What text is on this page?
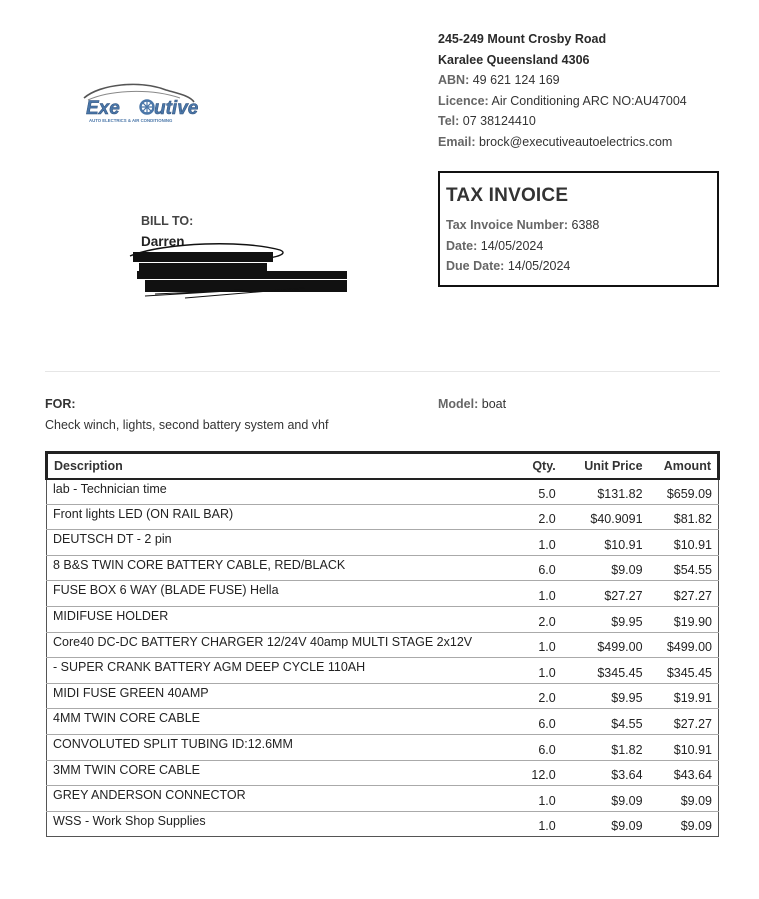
Exe utive
AUTO ELECTRICS & AIR CONDITIONING
245-249 Mount Crosby Road
Karalee Queensland 4306
ABN: 49 621 124 169
Licence: Air Conditioning ARC NO:AU47004
Tel: 07 38124410
Email: brock@executiveautoelectrics.com
TAX INVOICE
Tax Invoice Number: 6388
Date: 14/05/2024
Due Date: 14/05/2024
BILL TO:
Darren
FOR:
Check winch, lights, second battery system and vhf
Model: boat
Description	Qty.	Unit Price	Amount
lab - Technician time	5.0	$131.82	$659.09
Front lights LED (ON RAIL BAR)	2.0	$40.9091	$81.82
DEUTSCH DT - 2 pin	1.0	$10.91	$10.91
8 B&S TWIN CORE BATTERY CABLE, RED/BLACK	6.0	$9.09	$54.55
FUSE BOX 6 WAY (BLADE FUSE) Hella	1.0	$27.27	$27.27
MIDIFUSE HOLDER	2.0	$9.95	$19.90
Core40 DC-DC BATTERY CHARGER 12/24V 40amp MULTI STAGE 2x12V	1.0	$499.00	$499.00
- SUPER CRANK BATTERY AGM DEEP CYCLE 110AH	1.0	$345.45	$345.45
MIDI FUSE GREEN 40AMP	2.0	$9.95	$19.91
4MM TWIN CORE CABLE	6.0	$4.55	$27.27
CONVOLUTED SPLIT TUBING ID:12.6MM	6.0	$1.82	$10.91
3MM TWIN CORE CABLE	12.0	$3.64	$43.64
GREY ANDERSON CONNECTOR	1.0	$9.09	$9.09
WSS - Work Shop Supplies	1.0	$9.09	$9.09
